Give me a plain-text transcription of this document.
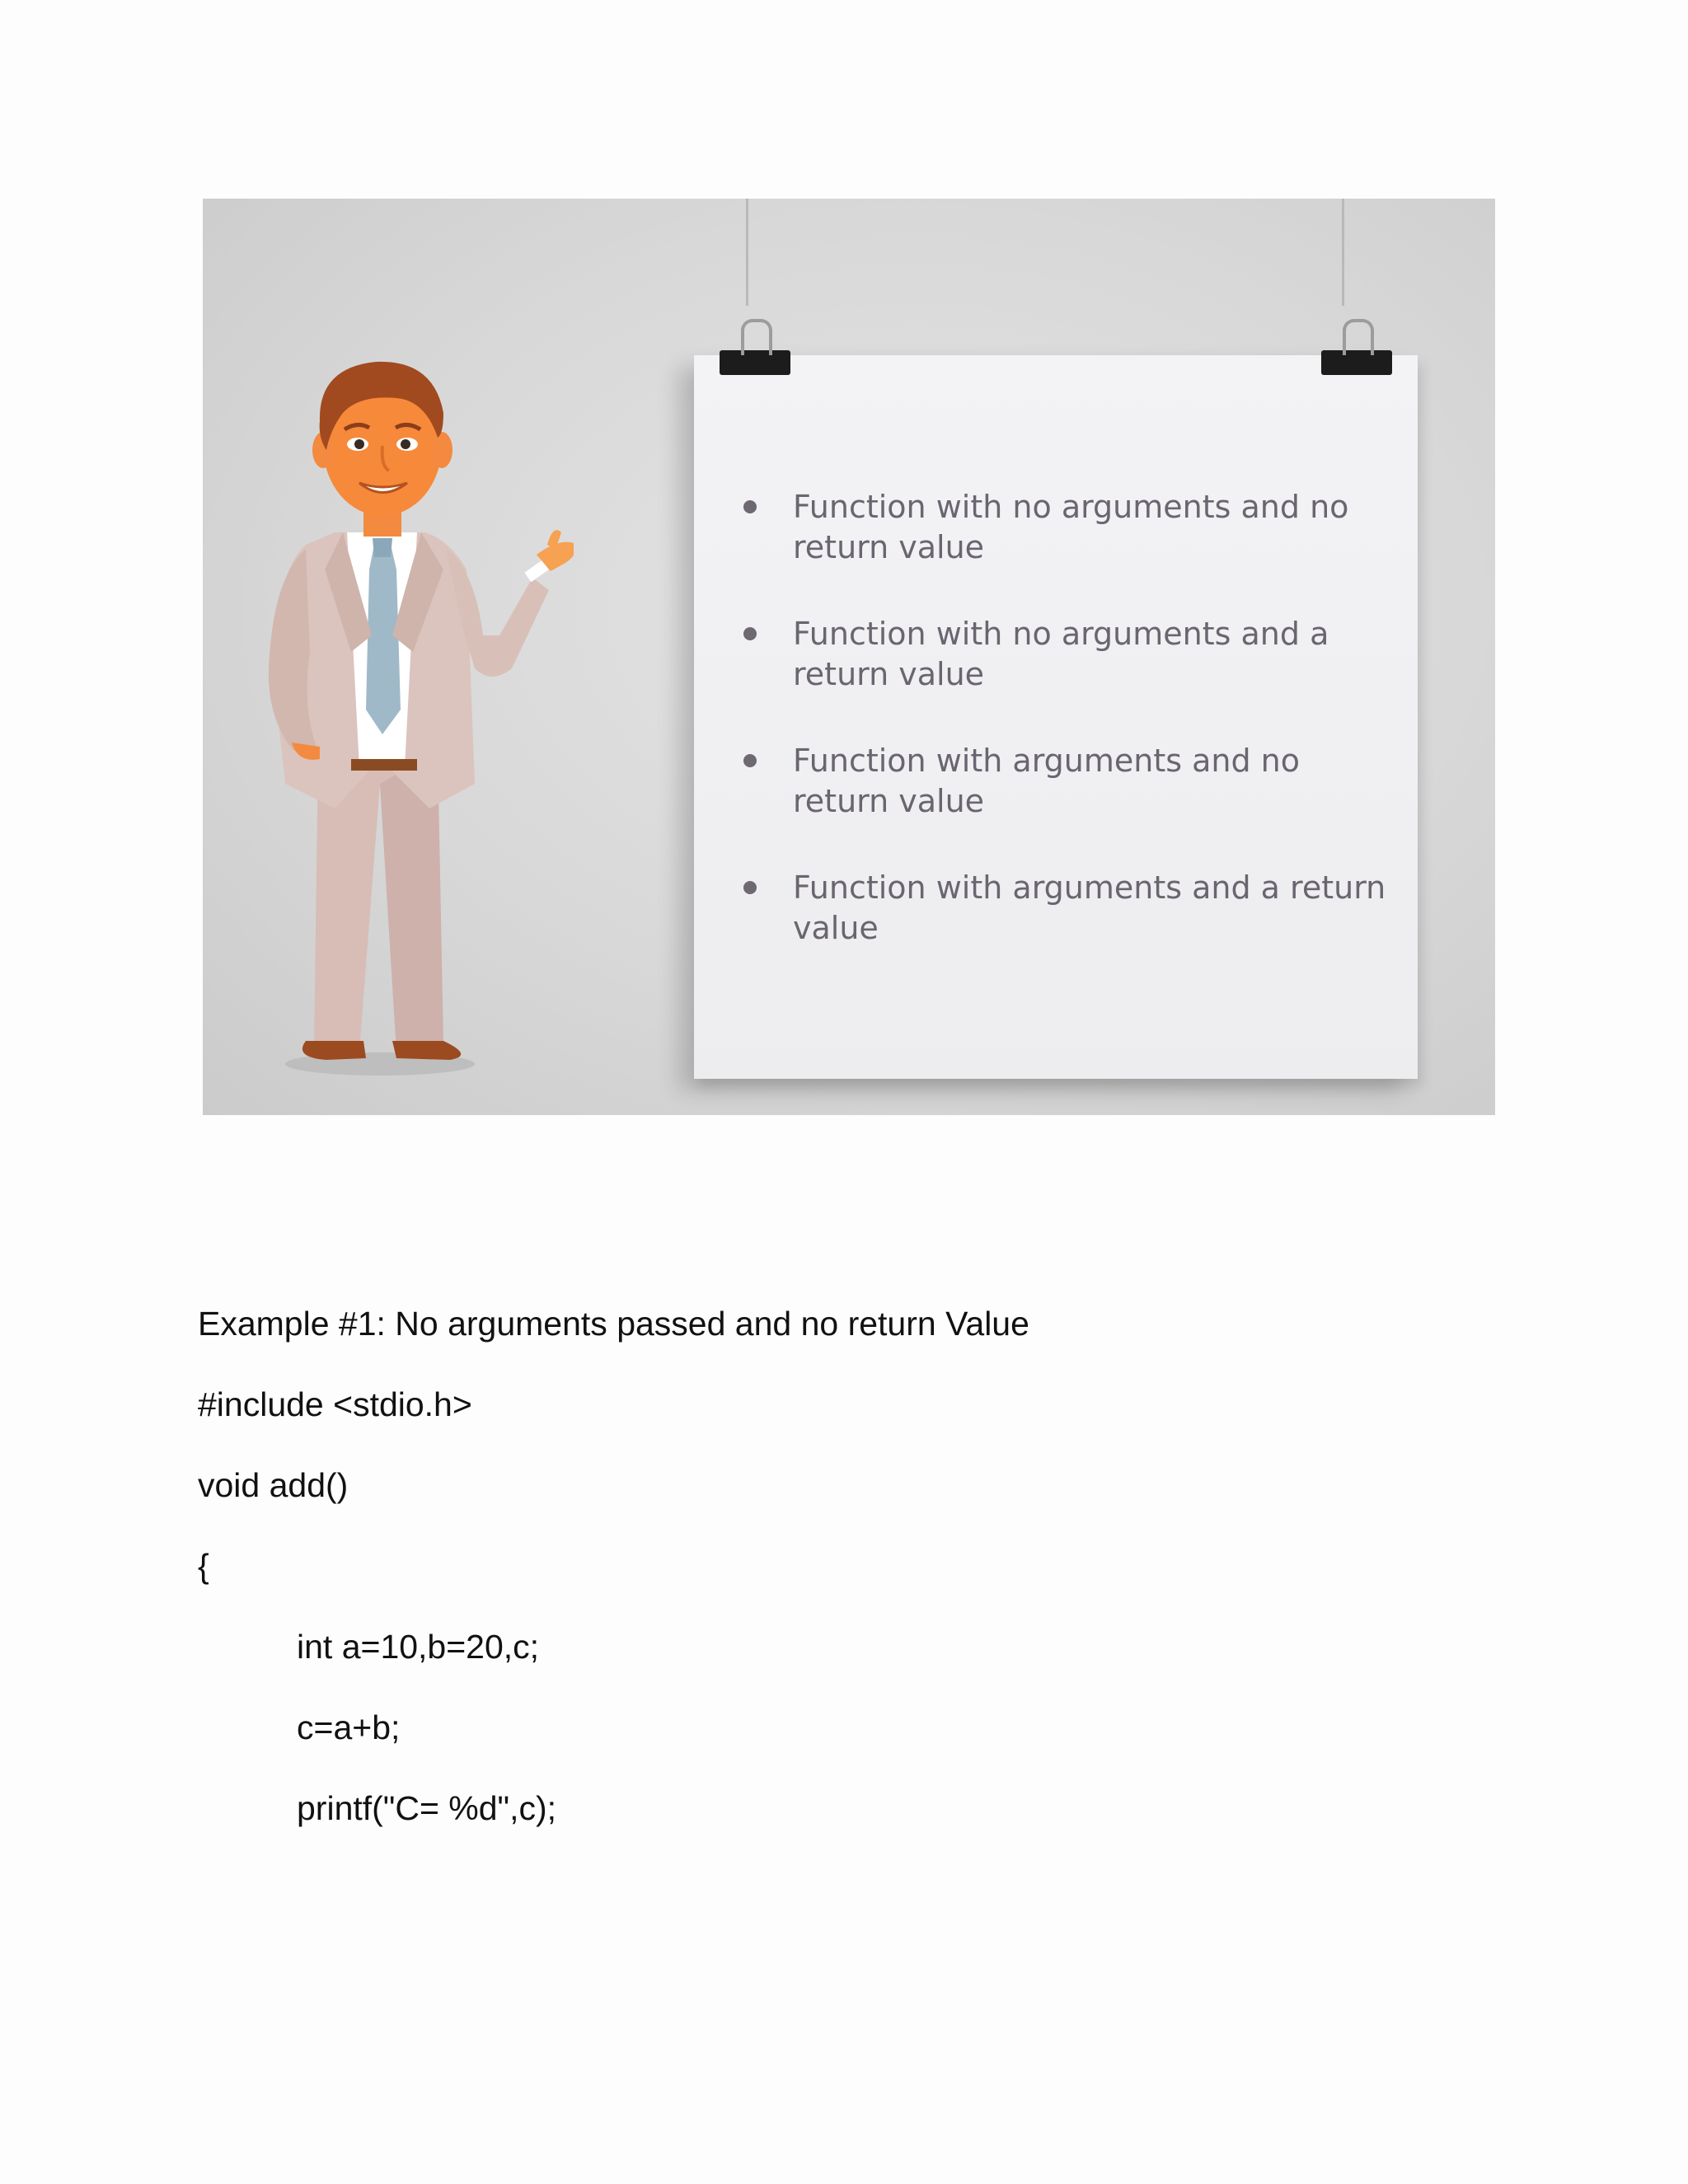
Function with no arguments and no return value
Function with no arguments and a return value
Function with arguments and no return value
Function with arguments and a return value
Example #1: No arguments passed and no return Value
#include <stdio.h>
void add()
{
int a=10,b=20,c;
c=a+b;
printf("C= %d",c);
